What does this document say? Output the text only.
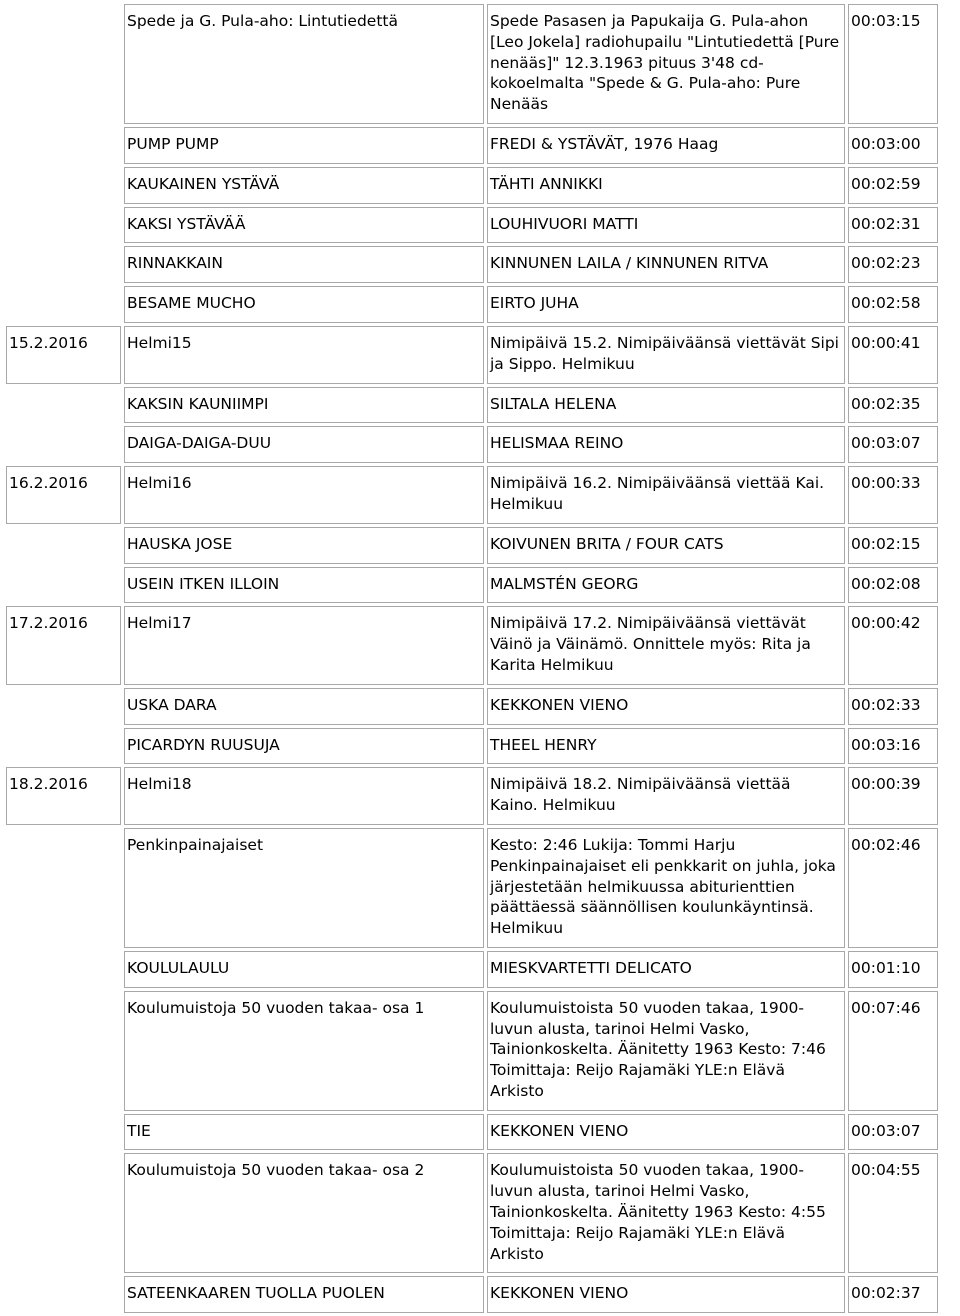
	Spede ja G. Pula-aho: Lintutiedettä	Spede Pasasen ja Papukaija G. Pula-ahon [Leo Jokela] radiohupailu "Lintutiedettä [Pure nenääs]" 12.3.1963 pituus 3'48 cd-kokoelmalta "Spede & G. Pula-aho: Pure Nenääs	00:03:15
	PUMP PUMP	FREDI & YSTÄVÄT, 1976 Haag	00:03:00
	KAUKAINEN YSTÄVÄ	TÄHTI ANNIKKI	00:02:59
	KAKSI YSTÄVÄÄ	LOUHIVUORI MATTI	00:02:31
	RINNAKKAIN	KINNUNEN LAILA / KINNUNEN RITVA	00:02:23
	BESAME MUCHO	EIRTO JUHA	00:02:58
15.2.2016	Helmi15	Nimipäivä 15.2. Nimipäiväänsä viettävät Sipi ja Sippo. Helmikuu	00:00:41
	KAKSIN KAUNIIMPI	SILTALA HELENA	00:02:35
	DAIGA-DAIGA-DUU	HELISMAA REINO	00:03:07
16.2.2016	Helmi16	Nimipäivä 16.2. Nimipäiväänsä viettää Kai. Helmikuu	00:00:33
	HAUSKA JOSE	KOIVUNEN BRITA / FOUR CATS	00:02:15
	USEIN ITKEN ILLOIN	MALMSTÉN GEORG	00:02:08
17.2.2016	Helmi17	Nimipäivä 17.2. Nimipäiväänsä viettävät Väinö ja Väinämö. Onnittele myös: Rita ja Karita Helmikuu	00:00:42
	USKA DARA	KEKKONEN VIENO	00:02:33
	PICARDYN RUUSUJA	THEEL HENRY	00:03:16
18.2.2016	Helmi18	Nimipäivä 18.2. Nimipäiväänsä viettää Kaino. Helmikuu	00:00:39
	Penkinpainajaiset	Kesto: 2:46 Lukija: Tommi Harju Penkinpainajaiset eli penkkarit on juhla, joka järjestetään helmikuussa abiturienttien päättäessä säännöllisen koulunkäyntinsä. Helmikuu	00:02:46
	KOULULAULU	MIESKVARTETTI DELICATO	00:01:10
	Koulumuistoja 50 vuoden takaa- osa 1	Koulumuistoista 50 vuoden takaa, 1900-luvun alusta, tarinoi Helmi Vasko, Tainionkoskelta. Äänitetty 1963 Kesto: 7:46 Toimittaja: Reijo Rajamäki YLE:n Elävä Arkisto	00:07:46
	TIE	KEKKONEN VIENO	00:03:07
	Koulumuistoja 50 vuoden takaa- osa 2	Koulumuistoista 50 vuoden takaa, 1900-luvun alusta, tarinoi Helmi Vasko, Tainionkoskelta. Äänitetty 1963 Kesto: 4:55 Toimittaja: Reijo Rajamäki YLE:n Elävä Arkisto	00:04:55
	SATEENKAAREN TUOLLA PUOLEN	KEKKONEN VIENO	00:02:37
